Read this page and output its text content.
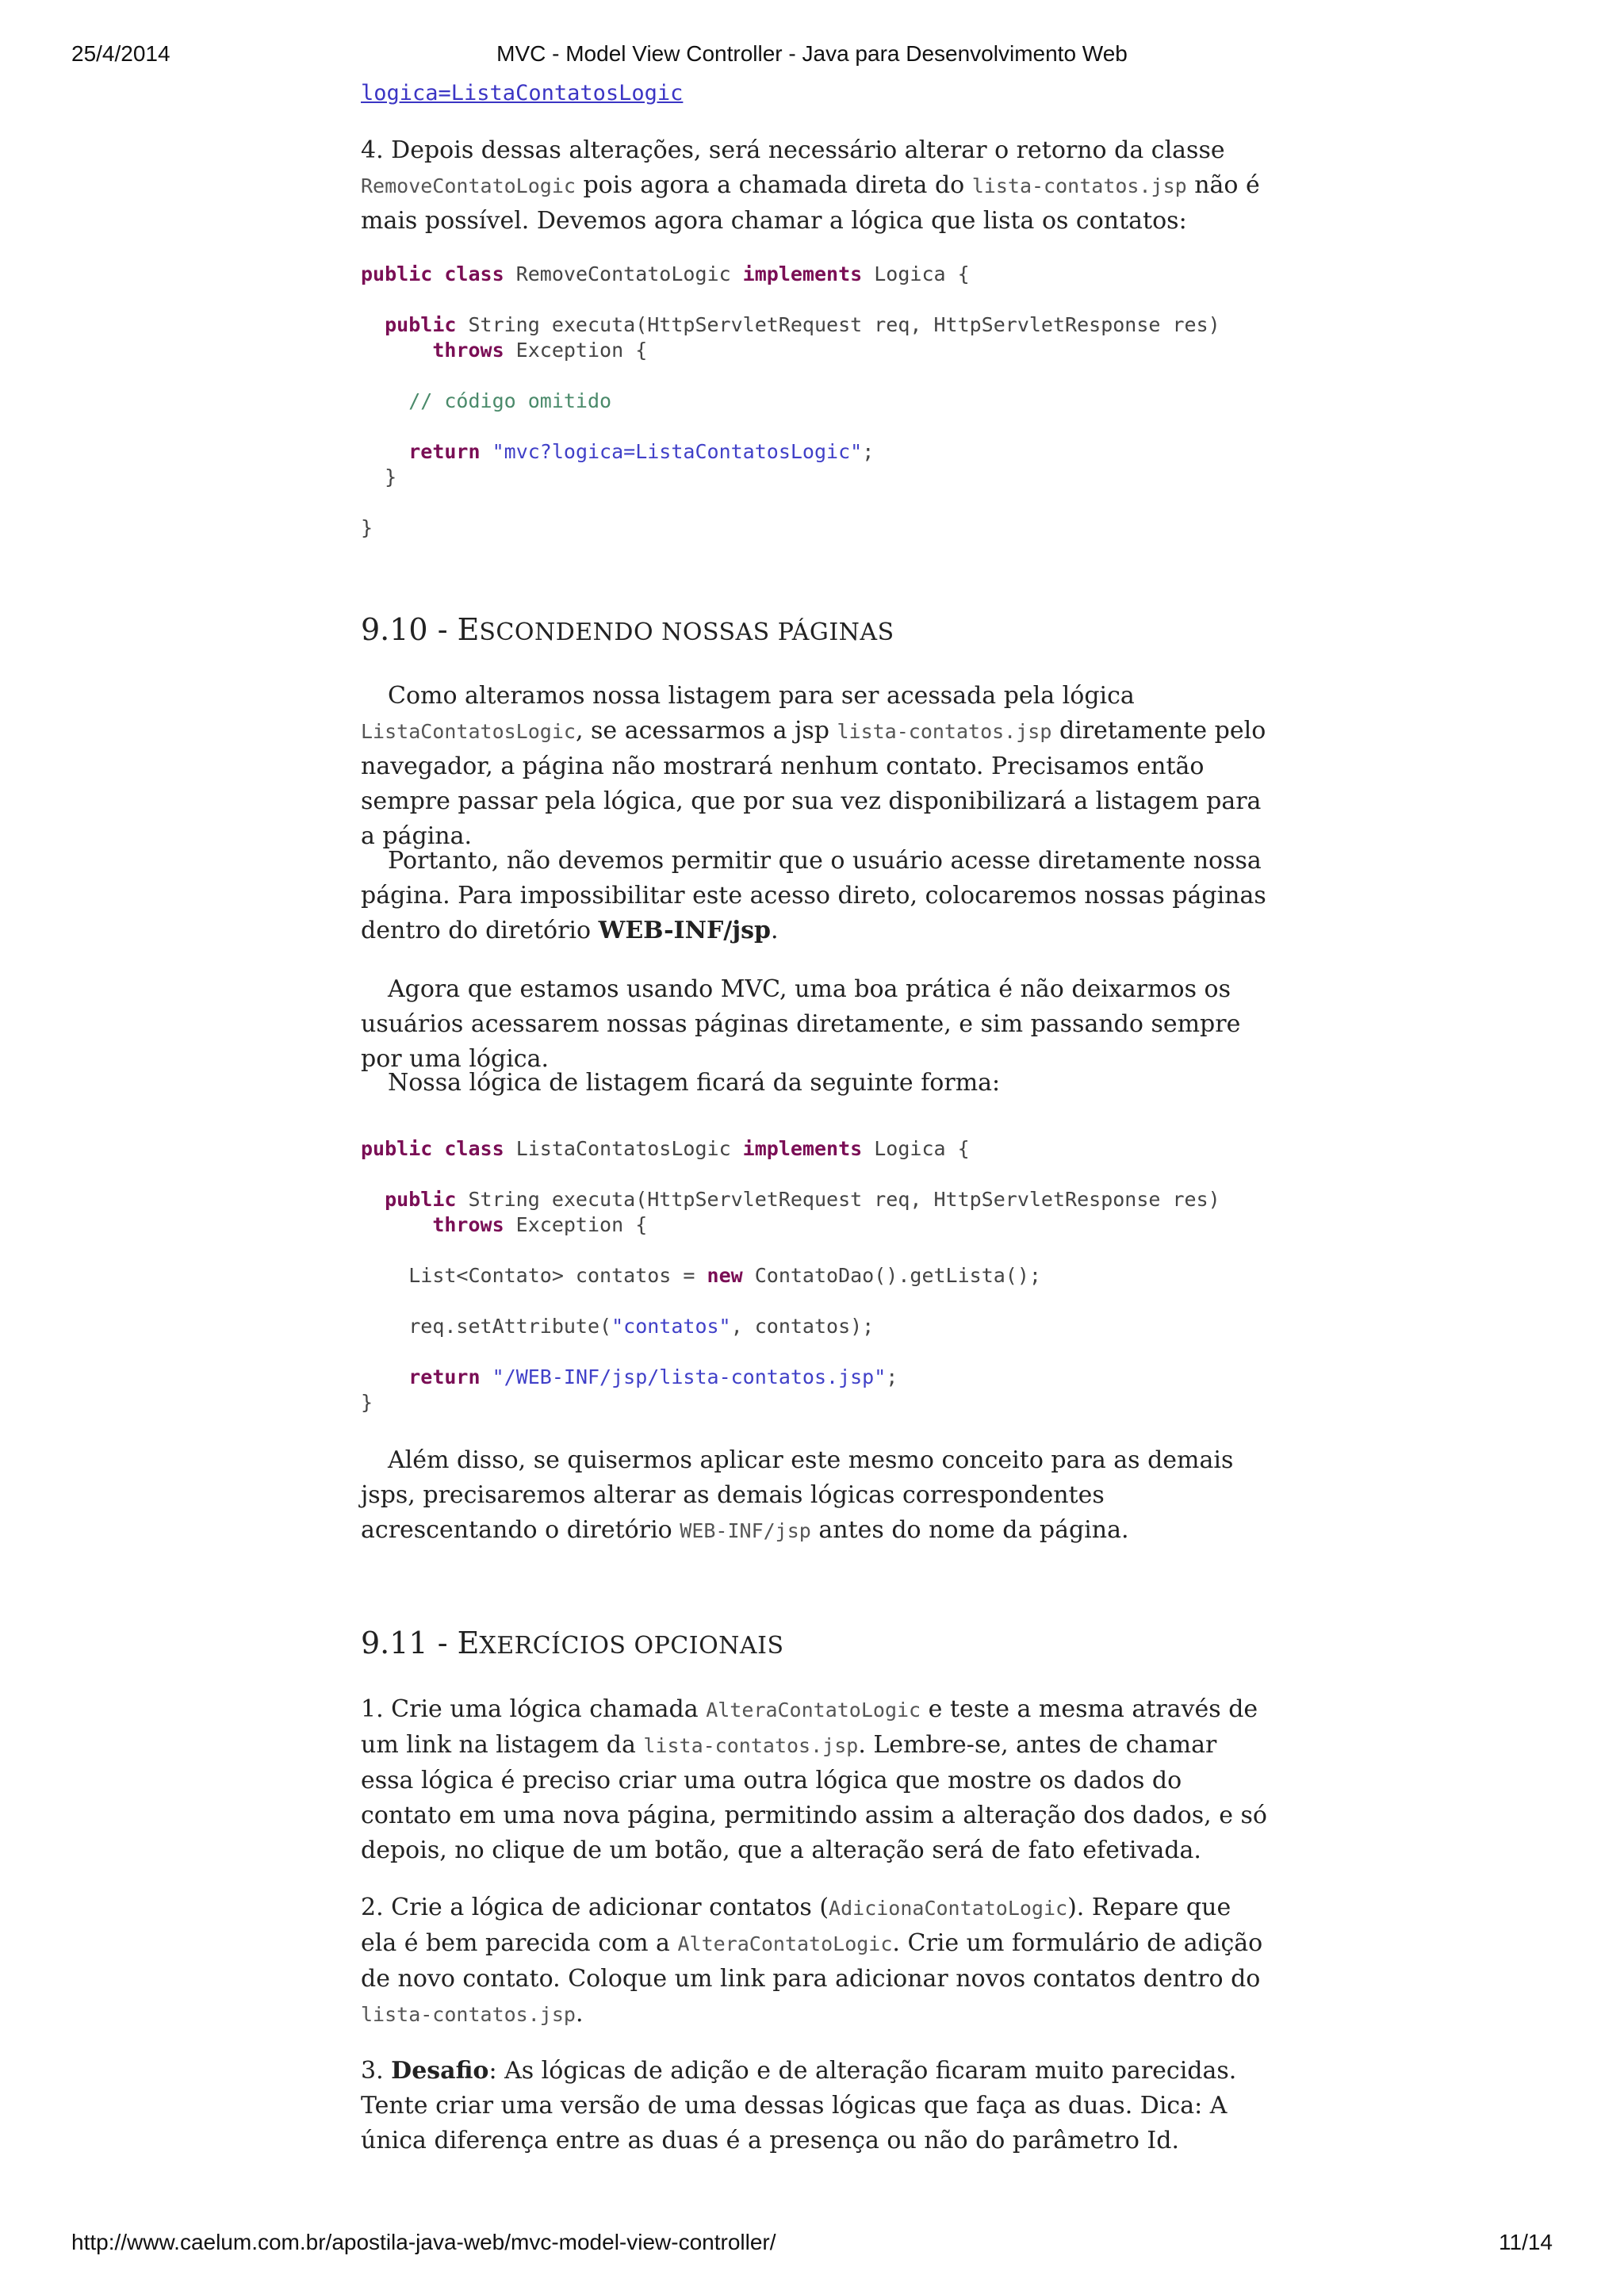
25/4/2014	MVC - Model View Controller - Java para Desenvolvimento Web
logica=ListaContatosLogic

4. Depois dessas alterações, será necessário alterar o retorno da classe
RemoveContatoLogic pois agora a chamada direta do lista-contatos.jsp não é mais possível. Devemos agora chamar a lógica que lista os contatos:

public class RemoveContatoLogic implements Logica {
public String executa(HttpServletRequest req, HttpServletResponse res)
throws Exception {
// código omitido
return "mvc?logica=ListaContatosLogic";
}
}
9.10 - ESCONDENDO NOSSAS PÁGINAS

Como alteramos nossa listagem para ser acessada pela lógica
ListaContatosLogic, se acessarmos a jsp lista-contatos.jsp diretamente pelo navegador, a página não mostrará nenhum contato. Precisamos então sempre passar pela lógica, que por sua vez disponibilizará a listagem para a página.

Portanto, não devemos permitir que o usuário acesse diretamente nossa página. Para impossibilitar este acesso direto, colocaremos nossas páginas dentro do diretório WEB-INF/jsp.

Agora que estamos usando MVC, uma boa prática é não deixarmos os usuários acessarem nossas páginas diretamente, e sim passando sempre por uma lógica.

Nossa lógica de listagem ficará da seguinte forma:

public class ListaContatosLogic implements Logica {
public String executa(HttpServletRequest req, HttpServletResponse res)
throws Exception {
List<Contato> contatos = new ContatoDao().getLista();
req.setAttribute("contatos", contatos);
return "/WEB-INF/jsp/lista-contatos.jsp";
}

Além disso, se quisermos aplicar este mesmo conceito para as demais jsps, precisaremos alterar as demais lógicas correspondentes acrescentando o diretório WEB-INF/jsp antes do nome da página.

9.11 - EXERCÍCIOS OPCIONAIS

1. Crie uma lógica chamada AlteraContatoLogic e teste a mesma através de um link na listagem da lista-contatos.jsp. Lembre-se, antes de chamar essa lógica é preciso criar uma outra lógica que mostre os dados do contato em uma nova página, permitindo assim a alteração dos dados, e só depois, no clique de um botão, que a alteração será de fato efetivada.

2. Crie a lógica de adicionar contatos (AdicionaContatoLogic). Repare que ela é bem parecida com a AlteraContatoLogic. Crie um formulário de adição de novo contato. Coloque um link para adicionar novos contatos dentro do lista-contatos.jsp.

3. Desafio: As lógicas de adição e de alteração ficaram muito parecidas. Tente criar uma versão de uma dessas lógicas que faça as duas. Dica: A única diferença entre as duas é a presença ou não do parâmetro Id.

http://www.caelum.com.br/apostila-java-web/mvc-model-view-controller/	11/14
